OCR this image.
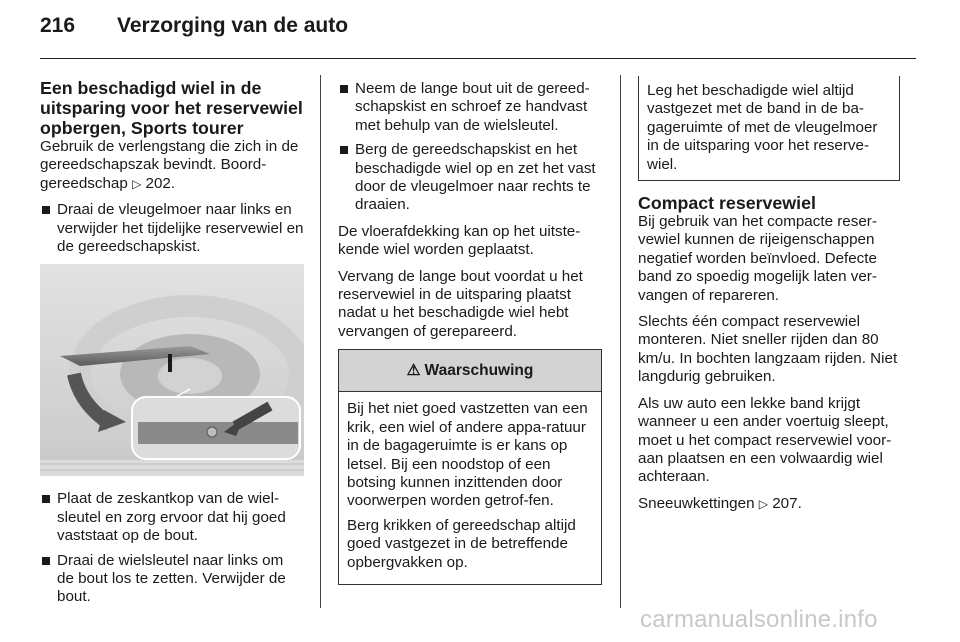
216 Verzorging van de auto
Een beschadigd wiel in de uitsparing voor het reservewiel opbergen, Sports tourer

Gebruik de verlengstang die zich in de gereedschapszak bevindt. Boord-gereedschap ▷ 202.

Draai de vleugelmoer naar links en verwijder het tijdelijke reservewiel en de gereedschapskist.
Plaat de zeskantkop van de wiel-sleutel en zorg ervoor dat hij goed vaststaat op de bout.
Draai de wielsleutel naar links om de bout los te zetten. Verwijder de bout.
Neem de lange bout uit de gereed-schapskist en schroef ze handvast met behulp van de wielsleutel.
Berg de gereedschapskist en het beschadigde wiel op en zet het vast door de vleugelmoer naar rechts te draaien.

De vloerafdekking kan op het uitste-kende wiel worden geplaatst.

Vervang de lange bout voordat u het reservewiel in de uitsparing plaatst nadat u het beschadigde wiel hebt vervangen of gerepareerd.

⚠ Waarschuwing

Bij het niet goed vastzetten van een krik, een wiel of andere appa-ratuur in de bagageruimte is er kans op letsel. Bij een noodstop of een botsing kunnen inzittenden door voorwerpen worden getrof-fen.

Berg krikken of gereedschap altijd goed vastgezet in de betreffende opbergvakken op.

Leg het beschadigde wiel altijd vastgezet met de band in de ba-gageruimte of met de vleugelmoer in de uitsparing voor het reserve-wiel.

Compact reservewiel

Bij gebruik van het compacte reser-vewiel kunnen de rijeigenschappen negatief worden beïnvloed. Defecte band zo spoedig mogelijk laten ver-vangen of repareren.

Slechts één compact reservewiel monteren. Niet sneller rijden dan 80 km/u. In bochten langzaam rijden. Niet langdurig gebruiken.

Als uw auto een lekke band krijgt wanneer u een ander voertuig sleept, moet u het compact reservewiel voor-aan plaatsen en een volwaardig wiel achteraan.

Sneeuwkettingen ▷ 207.

carmanualsonline.info
